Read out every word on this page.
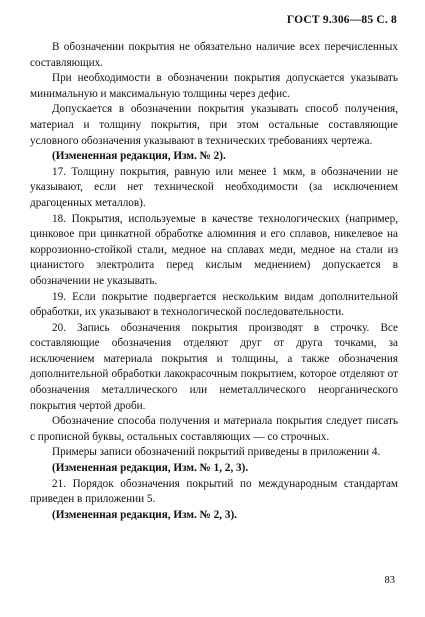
ГОСТ 9.306—85 С. 8

В обозначении покрытия не обязательно наличие всех перечисленных составляющих.

При необходимости в обозначении покрытия допускается указывать минимальную и максимальную толщины через дефис.

Допускается в обозначении покрытия указывать способ получения, материал и толщину покрытия, при этом остальные составляющие условного обозначения указывают в технических требованиях чертежа.

(Измененная редакция, Изм. № 2).

17. Толщину покрытия, равную или менее 1 мкм, в обозначении не указывают, если нет технической необходимости (за исключением драгоценных металлов).

18. Покрытия, используемые в качестве технологических (например, цинковое при цинкатной обработке алюминия и его сплавов, никелевое на коррозионно-стойкой стали, медное на сплавах меди, медное на стали из цианистого электролита перед кислым меднением) допускается в обозначении не указывать.

19. Если покрытие подвергается нескольким видам дополнительной обработки, их указывают в технологической последовательности.

20. Запись обозначения покрытия производят в строчку. Все составляющие обозначения отделяют друг от друга точками, за исключением материала покрытия и толщины, а также обозначения дополнительной обработки лакокрасочным покрытием, которое отделяют от обозначения металлического или неметаллического неорганического покрытия чертой дроби.

Обозначение способа получения и материала покрытия следует писать с прописной буквы, остальных составляющих — со строчных.

Примеры записи обозначений покрытий приведены в приложении 4.

(Измененная редакция, Изм. № 1, 2, 3).

21. Порядок обозначения покрытий по международным стандартам приведен в приложении 5.

(Измененная редакция, Изм. № 2, 3).

83
